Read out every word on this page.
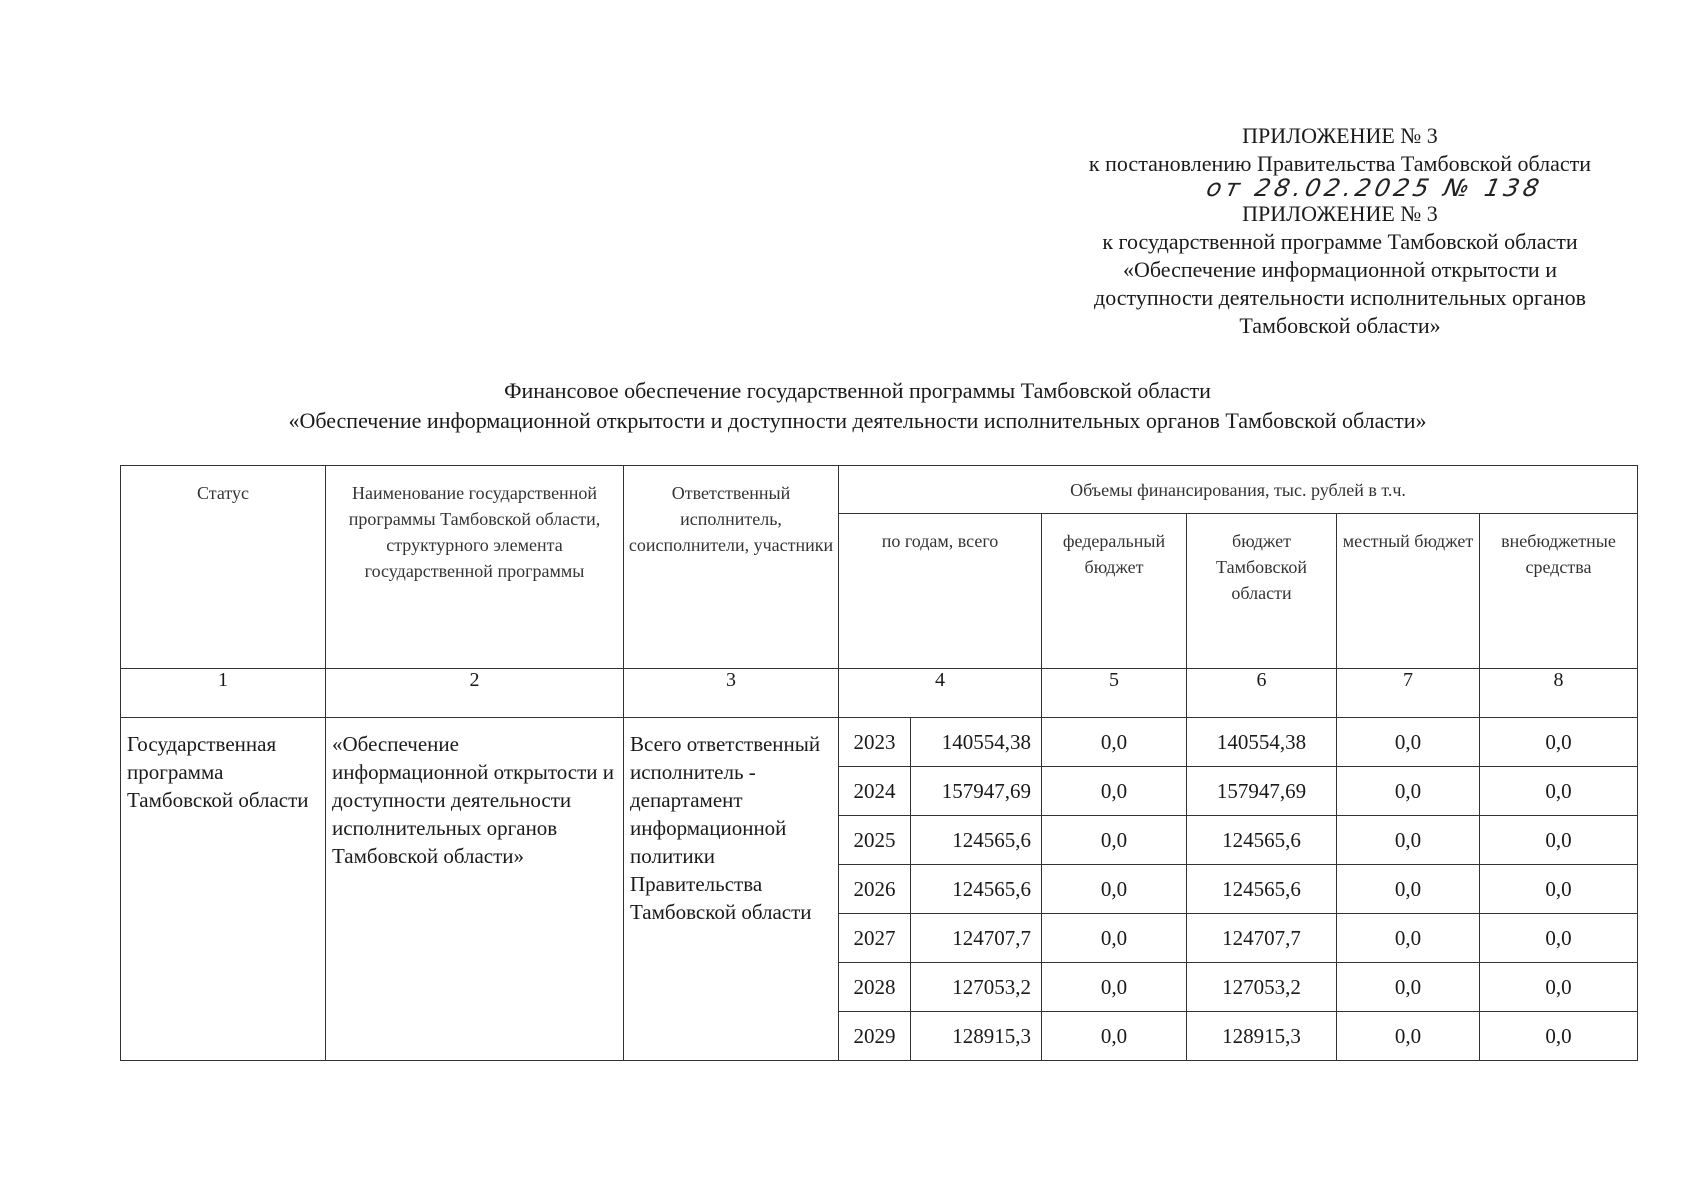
ПРИЛОЖЕНИЕ № 3
к постановлению Правительства Тамбовской области
от 28.02.2025 № 138
ПРИЛОЖЕНИЕ № 3
к государственной программе Тамбовской области
«Обеспечение информационной открытости и
доступности деятельности исполнительных органов
Тамбовской области»
Финансовое обеспечение государственной программы Тамбовской области
«Обеспечение информационной открытости и доступности деятельности исполнительных органов Тамбовской области»
Статус	Наименование государственной программы Тамбовской области, структурного элемента государственной программы	Ответственный исполнитель, соисполнители, участники	Объемы финансирования, тыс. рублей в т.ч.					
			по годам, всего		федеральный бюджет	бюджет Тамбовской области	местный бюджет	внебюджетные средства
1	2	3	4		5	6	7	8
Государственная программа Тамбовской области	«Обеспечение информационной открытости и доступности деятельности исполнительных органов Тамбовской области»	Всего ответственный исполнитель - департамент информационной политики Правительства Тамбовской области	2023	140554,38	0,0	140554,38	0,0	0,0
			2024	157947,69	0,0	157947,69	0,0	0,0
			2025	124565,6	0,0	124565,6	0,0	0,0
			2026	124565,6	0,0	124565,6	0,0	0,0
			2027	124707,7	0,0	124707,7	0,0	0,0
			2028	127053,2	0,0	127053,2	0,0	0,0
			2029	128915,3	0,0	128915,3	0,0	0,0
